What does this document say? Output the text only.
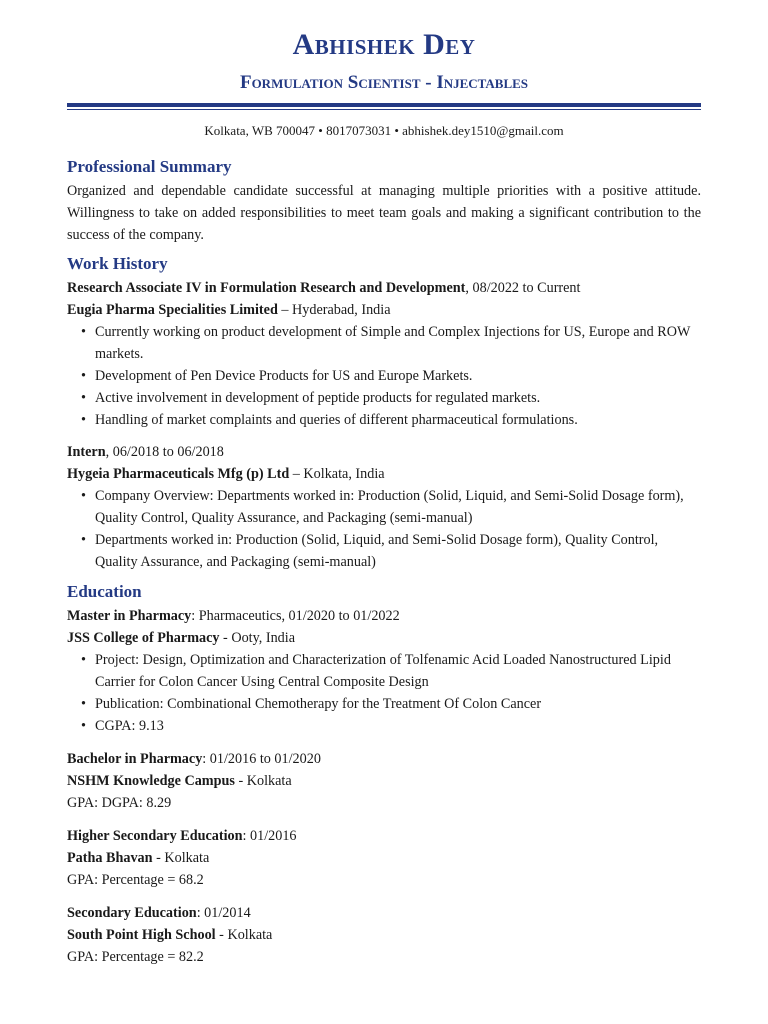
Abhishek Dey
Formulation Scientist - Injectables
Kolkata, WB 700047 • 8017073031 • abhishek.dey1510@gmail.com
Professional Summary

Organized and dependable candidate successful at managing multiple priorities with a positive attitude. Willingness to take on added responsibilities to meet team goals and making a significant contribution to the success of the company.

Work History
Research Associate IV in Formulation Research and Development, 08/2022 to Current
Eugia Pharma Specialities Limited – Hyderabad, India
• Currently working on product development of Simple and Complex Injections for US, Europe and ROW markets.
• Development of Pen Device Products for US and Europe Markets.
• Active involvement in development of peptide products for regulated markets.
• Handling of market complaints and queries of different pharmaceutical formulations.
Intern, 06/2018 to 06/2018
Hygeia Pharmaceuticals Mfg (p) Ltd – Kolkata, India
• Company Overview: Departments worked in: Production (Solid, Liquid, and Semi-Solid Dosage form), Quality Control, Quality Assurance, and Packaging (semi-manual)
• Departments worked in: Production (Solid, Liquid, and Semi-Solid Dosage form), Quality Control, Quality Assurance, and Packaging (semi-manual)
Education
Master in Pharmacy: Pharmaceutics, 01/2020 to 01/2022
JSS College of Pharmacy - Ooty, India
• Project: Design, Optimization and Characterization of Tolfenamic Acid Loaded Nanostructured Lipid Carrier for Colon Cancer Using Central Composite Design
• Publication: Combinational Chemotherapy for the Treatment Of Colon Cancer
• CGPA: 9.13
Bachelor in Pharmacy: 01/2016 to 01/2020
NSHM Knowledge Campus - Kolkata
GPA: DGPA: 8.29
Higher Secondary Education: 01/2016
Patha Bhavan - Kolkata
GPA: Percentage = 68.2
Secondary Education: 01/2014
South Point High School - Kolkata
GPA: Percentage = 82.2
